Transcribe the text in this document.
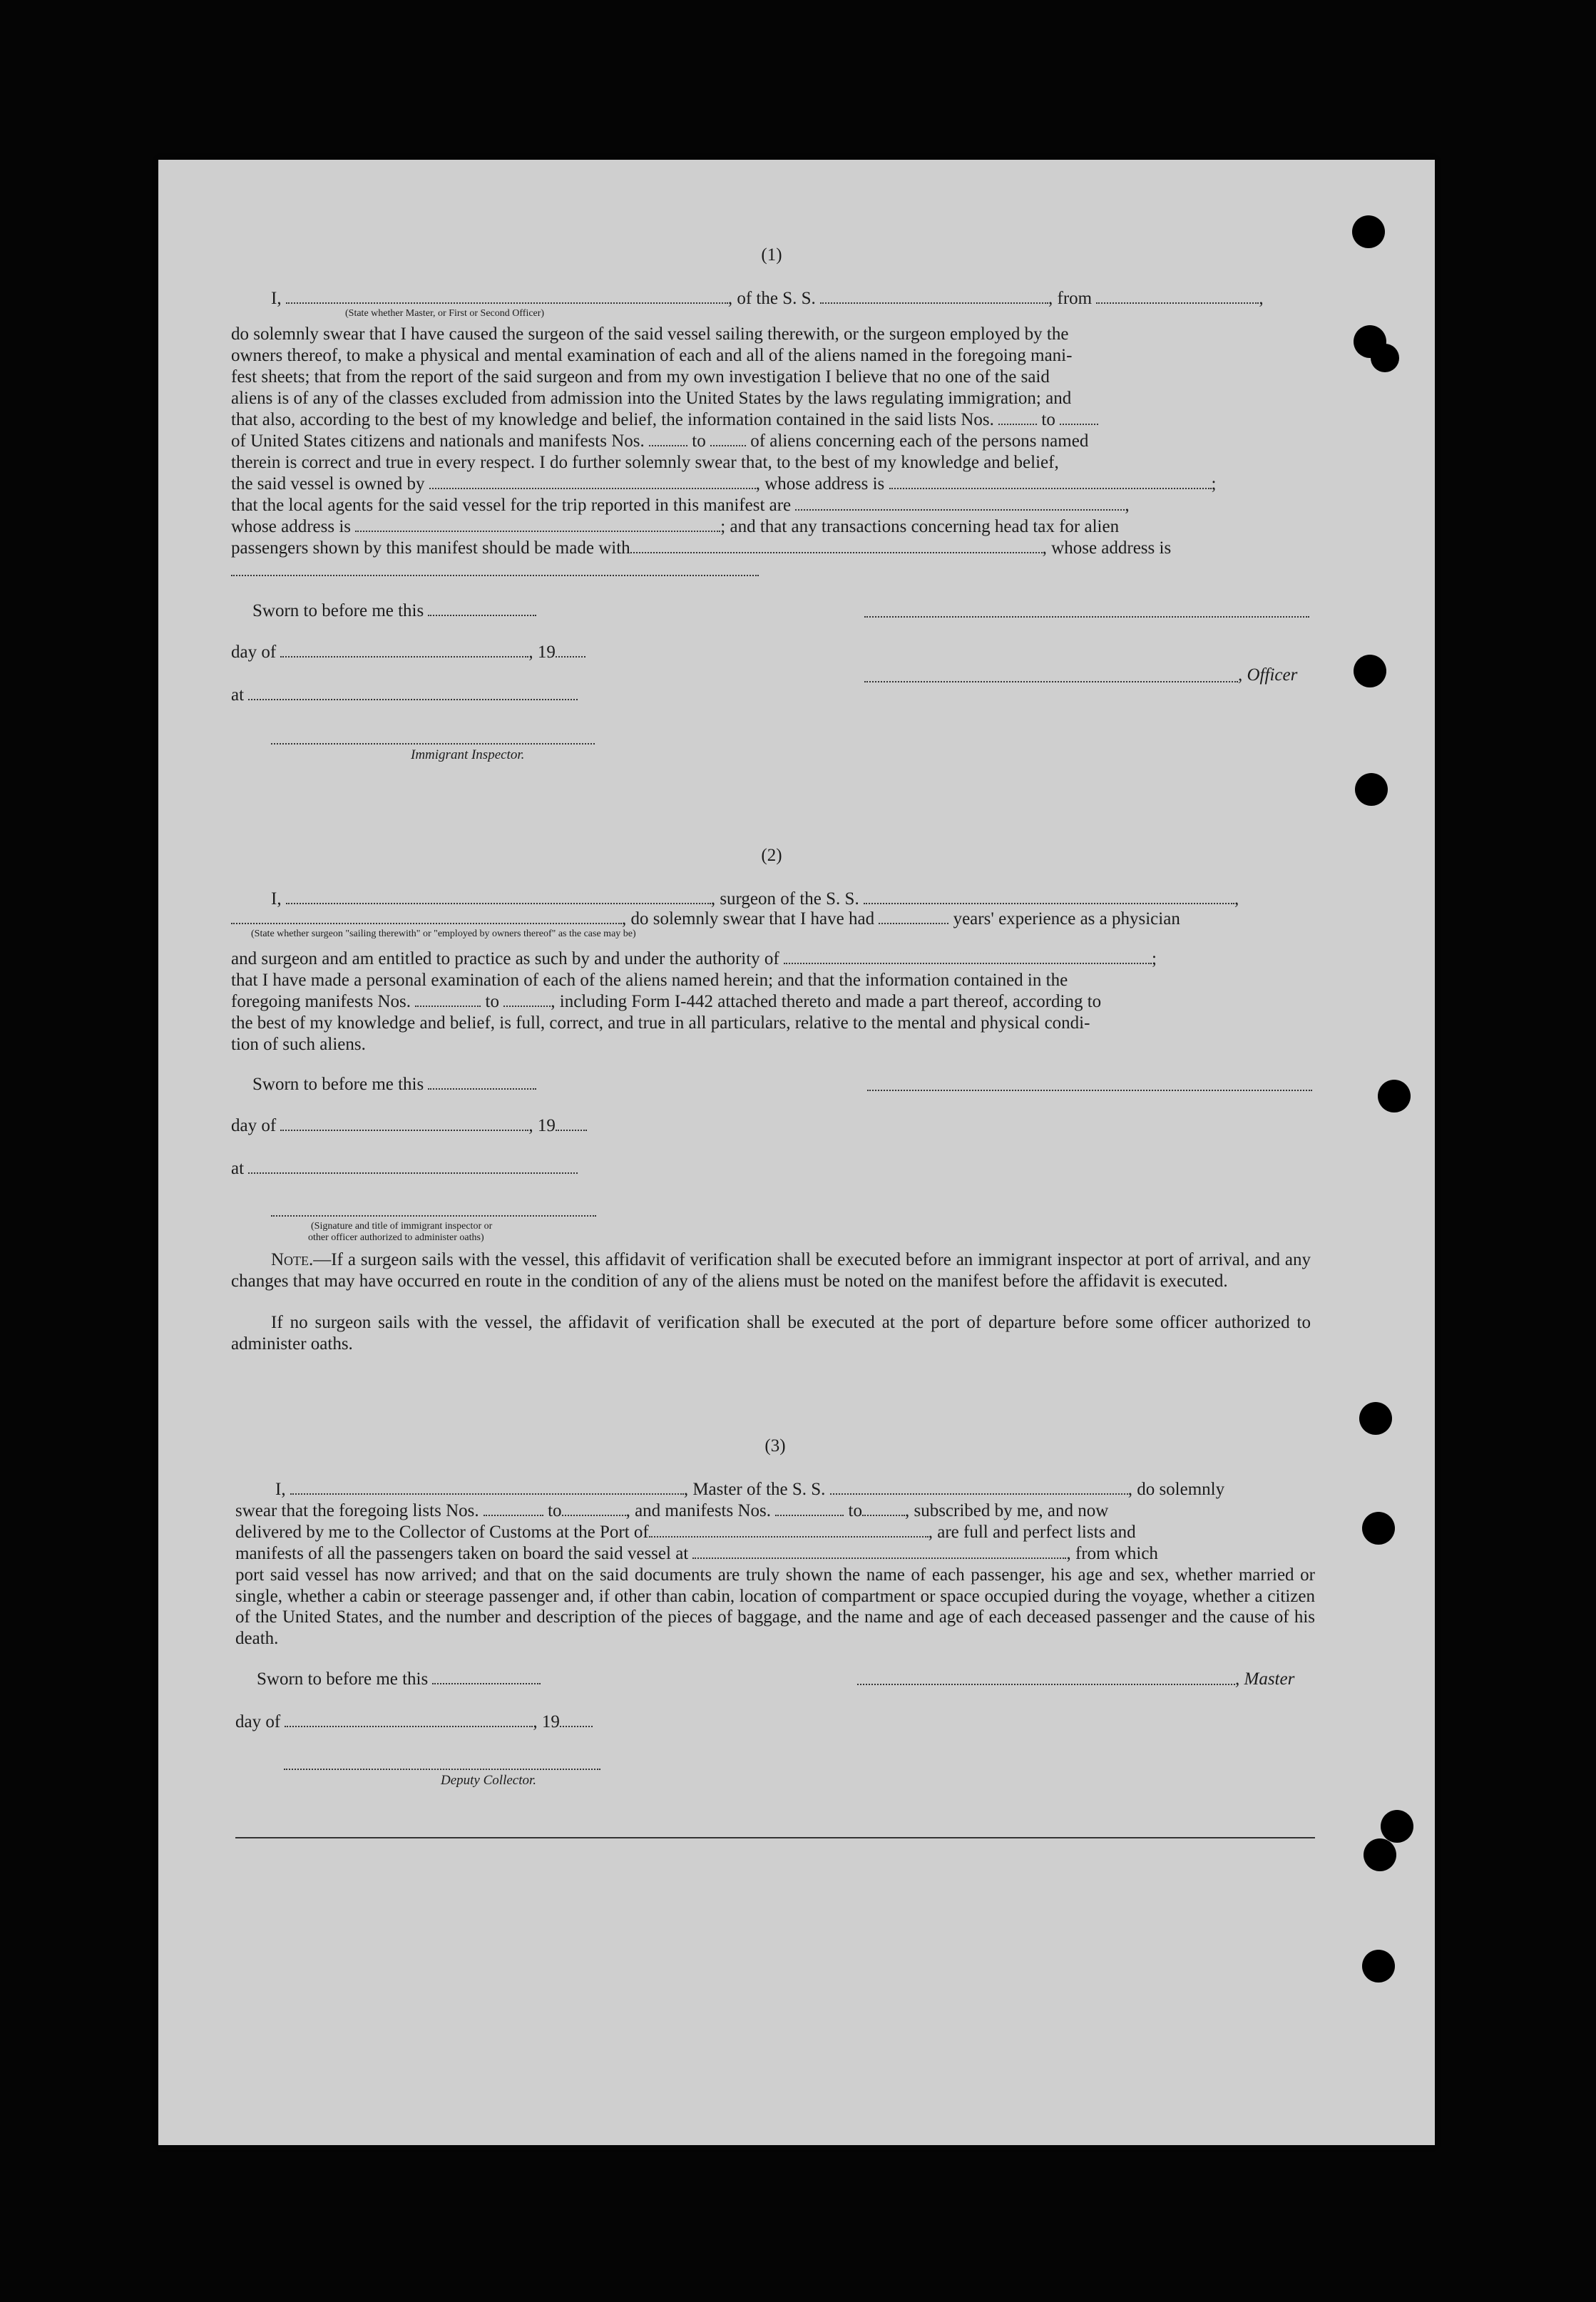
(1)
I,	, of the S. S.	, from	,
(State whether Master, or First or Second Officer)
do solemnly swear that I have caused the surgeon of the said vessel sailing therewith, or the surgeon employed by the
owners thereof, to make a physical and mental examination of each and all of the aliens named in the foregoing mani-
fest sheets; that from the report of the said surgeon and from my own investigation I believe that no one of the said
aliens is of any of the classes excluded from admission into the United States by the laws regulating immigration; and
that also, according to the best of my knowledge and belief, the information contained in the said lists Nos.	to
of United States citizens and nationals and manifests Nos.	to	of aliens concerning each of the persons named
therein is correct and true in every respect. I do further solemnly swear that, to the best of my knowledge and belief,
the said vessel is owned by	, whose address is	;
that the local agents for the said vessel for the trip reported in this manifest are	,
whose address is	; and that any transactions concerning head tax for alien
passengers shown by this manifest should be made with	, whose address is
Sworn to before me this
day of	, 19
, Officer
at
Immigrant Inspector.
(2)
I,	, surgeon of the S. S.	,
, do solemnly swear that I have had	years' experience as a physician
(State whether surgeon "sailing therewith" or "employed by owners thereof" as the case may be)
and surgeon and am entitled to practice as such by and under the authority of	;
that I have made a personal examination of each of the aliens named herein; and that the information contained in the
foregoing manifests Nos.	to	, including Form I-442 attached thereto and made a part thereof, according to
the best of my knowledge and belief, is full, correct, and true in all particulars, relative to the mental and physical condi-
tion of such aliens.
Sworn to before me this
day of	, 19
at
(Signature and title of immigrant inspector or
other officer authorized to administer oaths)
Note.—If a surgeon sails with the vessel, this affidavit of verification shall be executed before an immigrant inspector at port of arrival, and any changes that may have occurred en route in the condition of any of the aliens must be noted on the manifest before the affidavit is executed.
If no surgeon sails with the vessel, the affidavit of verification shall be executed at the port of departure before some officer authorized to administer oaths.
(3)
I,	, Master of the S. S.	, do solemnly
swear that the foregoing lists Nos.	to	, and manifests Nos.	to , subscribed by me, and now
delivered by me to the Collector of Customs at the Port of	, are full and perfect lists and
manifests of all the passengers taken on board the said vessel at	, from which
port said vessel has now arrived; and that on the said documents are truly shown the name of each passenger, his age and sex, whether married or single, whether a cabin or steerage passenger and, if other than cabin, location of compartment or space occupied during the voyage, whether a citizen of the United States, and the number and description of the pieces of baggage, and the name and age of each deceased passenger and the cause of his death.
Sworn to before me this	, Master
day of	, 19
Deputy Collector.
